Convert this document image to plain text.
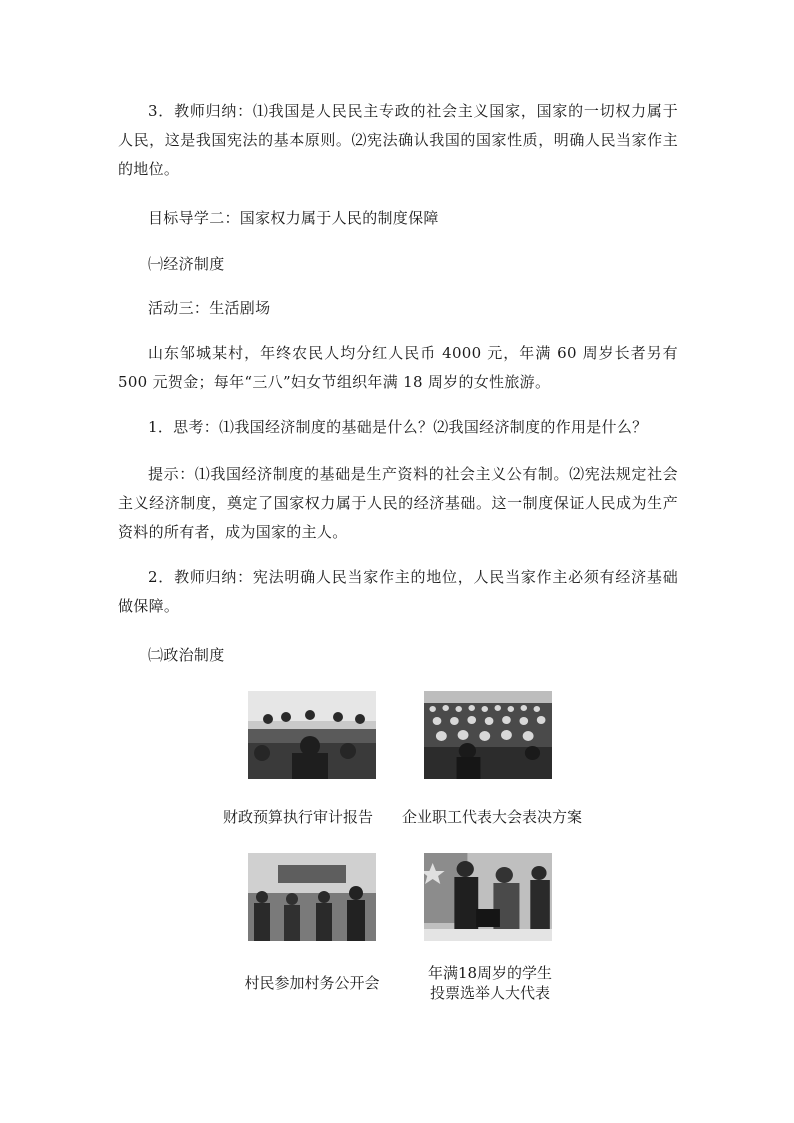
3．教师归纳：⑴我国是人民民主专政的社会主义国家，国家的一切权力属于人民，这是我国宪法的基本原则。⑵宪法确认我国的国家性质，明确人民当家作主的地位。

目标导学二：国家权力属于人民的制度保障

㈠经济制度

活动三：生活剧场

山东邹城某村，年终农民人均分红人民币 4000 元，年满 60 周岁长者另有 500 元贺金；每年“三八”妇女节组织年满 18 周岁的女性旅游。

1．思考：⑴我国经济制度的基础是什么？⑵我国经济制度的作用是什么？

提示：⑴我国经济制度的基础是生产资料的社会主义公有制。⑵宪法规定社会主义经济制度，奠定了国家权力属于人民的经济基础。这一制度保证人民成为生产资料的所有者，成为国家的主人。

2．教师归纳：宪法明确人民当家作主的地位，人民当家作主必须有经济基础做保障。

㈡政治制度

财政预算执行审计报告	企业职工代表大会表决方案
村民参加村务公开会
年满18周岁的学生
投票选举人大代表
